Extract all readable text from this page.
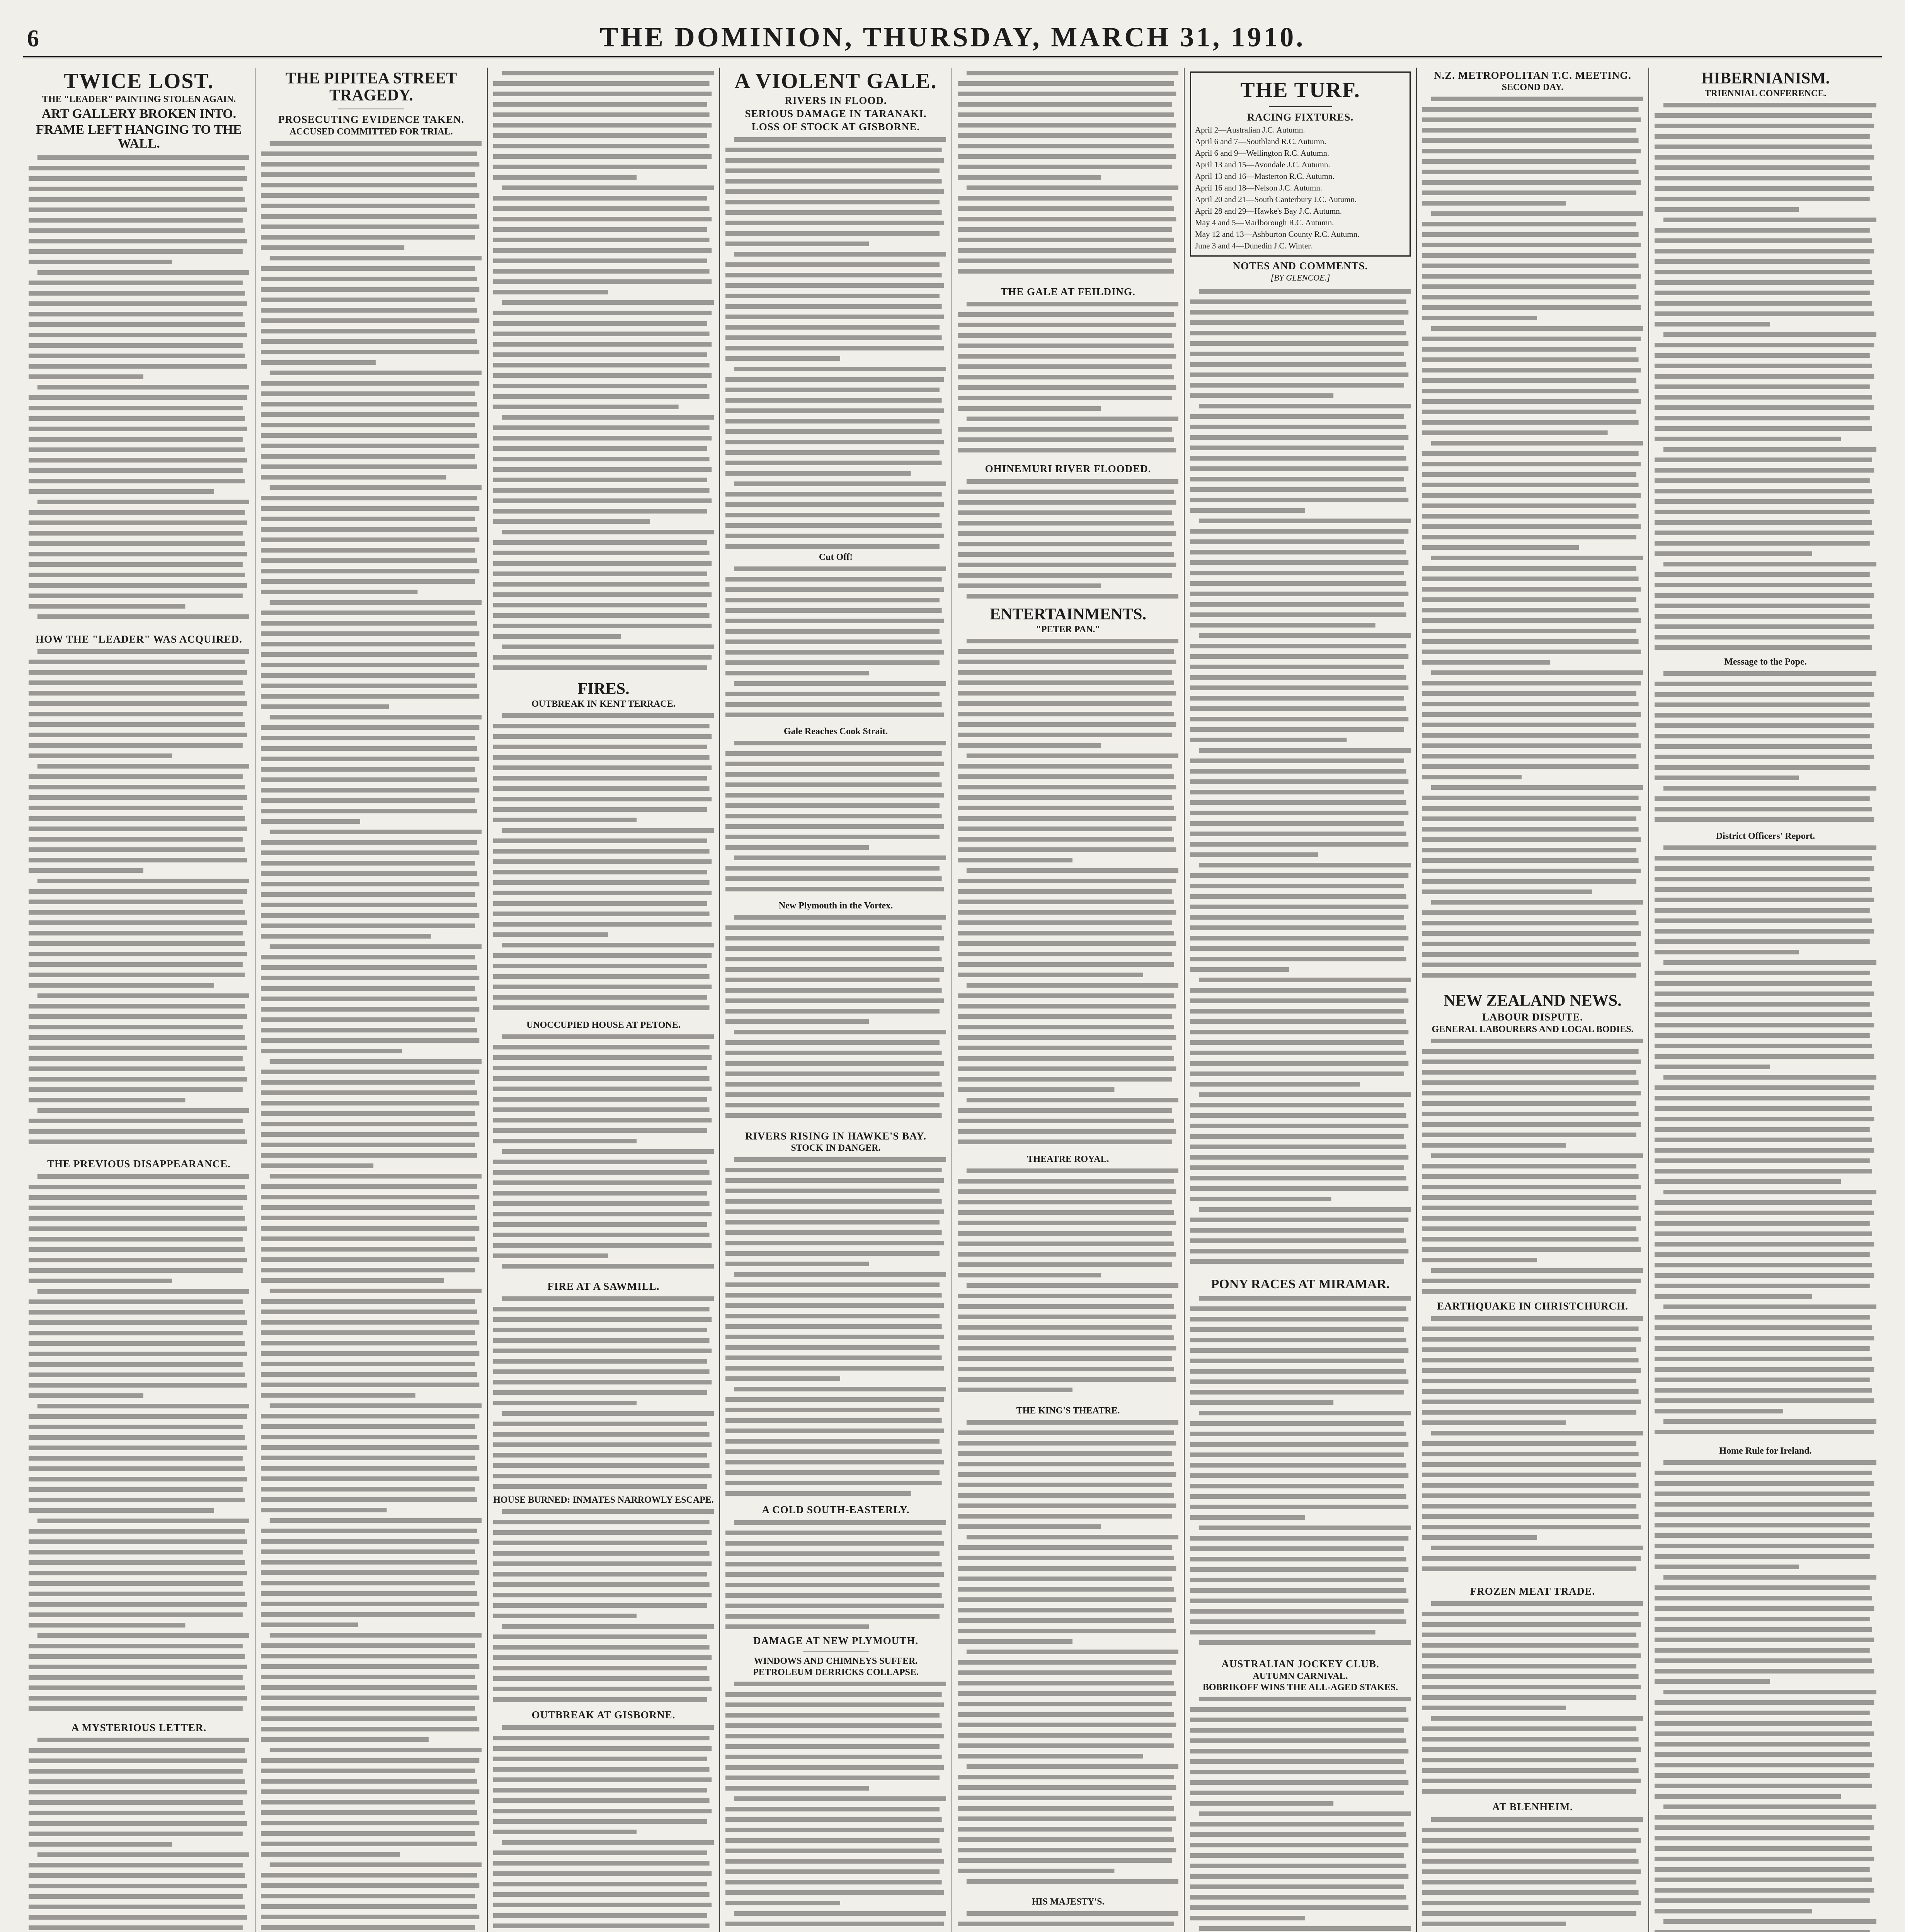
6	THE DOMINION, THURSDAY, MARCH 31, 1910.
TWICE LOST.
THE "LEADER" PAINTING STOLEN AGAIN.
ART GALLERY BROKEN INTO.
FRAME LEFT HANGING TO THE WALL.
HOW THE "LEADER" WAS ACQUIRED.
THE PREVIOUS DISAPPEARANCE.
A MYSTERIOUS LETTER.
THE PIPITEA STREET TRAGEDY.
PROSECUTING EVIDENCE TAKEN.
ACCUSED COMMITTED FOR TRIAL.
FIRES.
OUTBREAK IN KENT TERRACE.
UNOCCUPIED HOUSE AT PETONE.
FIRE AT A SAWMILL.
HOUSE BURNED: INMATES NARROWLY ESCAPE.
OUTBREAK AT GISBORNE.
A VIOLENT GALE.
RIVERS IN FLOOD.
SERIOUS DAMAGE IN TARANAKI.
LOSS OF STOCK AT GISBORNE.
Cut Off!
Gale Reaches Cook Strait.
New Plymouth in the Vortex.
RIVERS RISING IN HAWKE'S BAY.
STOCK IN DANGER.
A COLD SOUTH-EASTERLY.
DAMAGE AT NEW PLYMOUTH.
WINDOWS AND CHIMNEYS SUFFER.
PETROLEUM DERRICKS COLLAPSE.
THE GALE AT FEILDING.
OHINEMURI RIVER FLOODED.
ENTERTAINMENTS.
"PETER PAN."
THEATRE ROYAL.
THE KING'S THEATRE.
HIS MAJESTY'S.
THE TURF.
RACING FIXTURES.
April 2—Australian J.C. Autumn.
April 6 and 7—Southland R.C. Autumn.
April 6 and 9—Wellington R.C. Autumn.
April 13 and 15—Avondale J.C. Autumn.
April 13 and 16—Masterton R.C. Autumn.
April 16 and 18—Nelson J.C. Autumn.
April 20 and 21—South Canterbury J.C. Autumn.
April 28 and 29—Hawke's Bay J.C. Autumn.
May 4 and 5—Marlborough R.C. Autumn.
May 12 and 13—Ashburton County R.C. Autumn.
June 3 and 4—Dunedin J.C. Winter.
NOTES AND COMMENTS.
[BY GLENCOE.]
PONY RACES AT MIRAMAR.
AUSTRALIAN JOCKEY CLUB.
AUTUMN CARNIVAL.
BOBRIKOFF WINS THE ALL-AGED STAKES.
N.Z. METROPOLITAN T.C. MEETING.
SECOND DAY.
NEW ZEALAND NEWS.
LABOUR DISPUTE.
GENERAL LABOURERS AND LOCAL BODIES.
EARTHQUAKE IN CHRISTCHURCH.
FROZEN MEAT TRADE.
AT BLENHEIM.
HIBERNIANISM.
TRIENNIAL CONFERENCE.
Message to the Pope.
District Officers' Report.
Home Rule for Ireland.
